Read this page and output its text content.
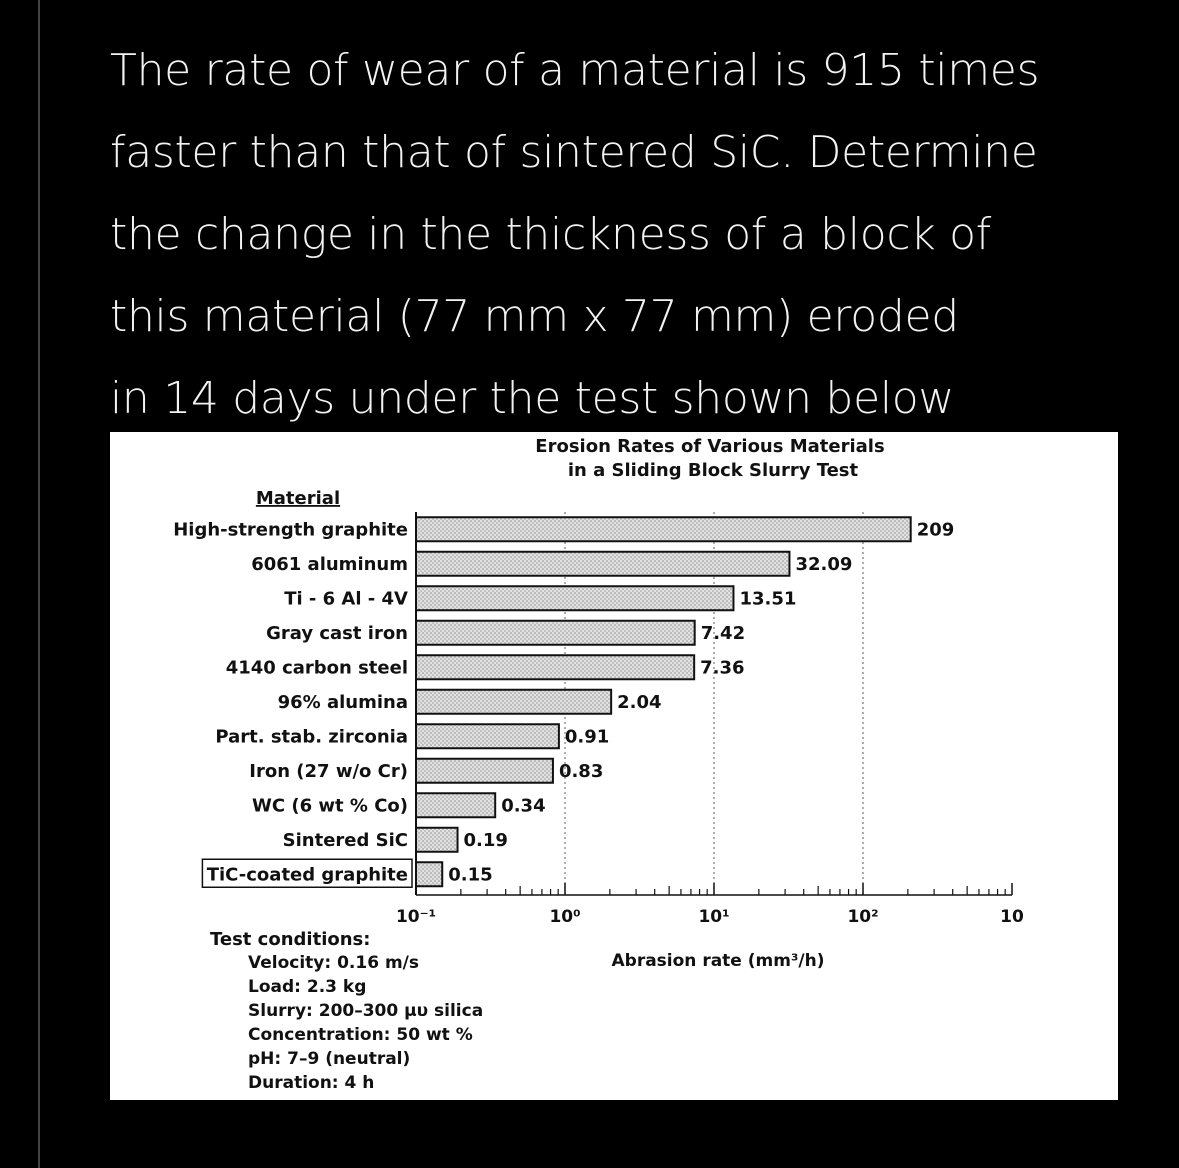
The rate of wear of a material is 915 times
faster than that of sintered SiC. Determine
the change in the thickness of a block of
this material (77 mm x 77 mm) eroded
in 14 days under the test shown below
Erosion Rates of Various Materials
in a Sliding Block Slurry Test
Material
High-strength graphite	209
6061 aluminum	32.09
Ti - 6 Al - 4V	13.51
Gray cast iron	7.42
4140 carbon steel	7.36
96% alumina	2.04
Part. stab. zirconia	0.91
Iron (27 w/o Cr)	0.83
WC (6 wt % Co)	0.34
Sintered SiC	0.19
TiC-coated graphite 0.15
10⁻¹	10⁰	10¹	10²	10
Abrasion rate (mm³/h)
Test conditions:
Velocity: 0.16 m/s
Load: 2.3 kg
Slurry: 200–300 μυ silica
Concentration: 50 wt %
pH: 7–9 (neutral)
Duration: 4 h
